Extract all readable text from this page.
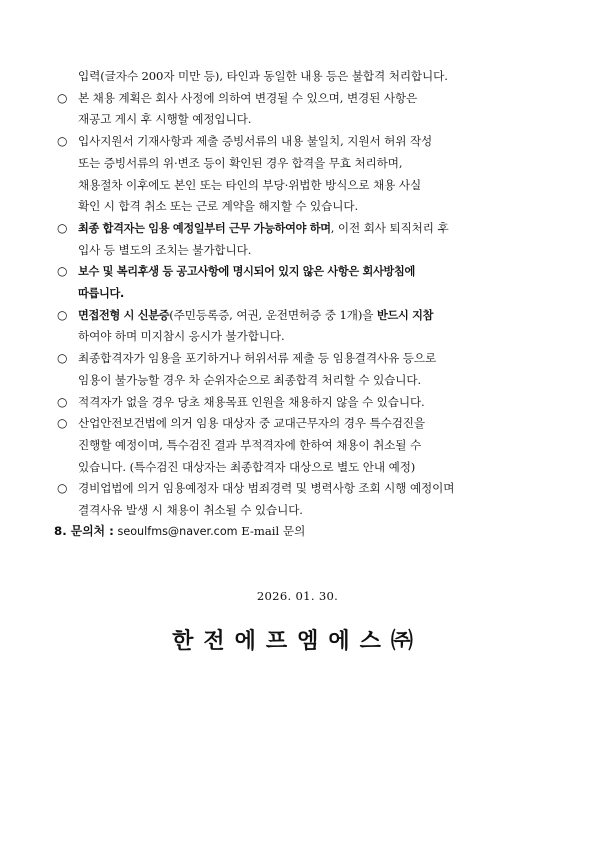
입력(글자수 200자 미만 등), 타인과 동일한 내용 등은 불합격 처리합니다.
○ 본 채용 계획은 회사 사정에 의하여 변경될 수 있으며, 변경된 사항은
재공고 게시 후 시행할 예정입니다.
○ 입사지원서 기재사항과 제출 증빙서류의 내용 불일치, 지원서 허위 작성
또는 증빙서류의 위·변조 등이 확인된 경우 합격을 무효 처리하며,
채용절차 이후에도 본인 또는 타인의 부당·위법한 방식으로 채용 사실
확인 시 합격 취소 또는 근로 계약을 해지할 수 있습니다.
○ 최종 합격자는 임용 예정일부터 근무 가능하여야 하며, 이전 회사 퇴직처리 후
입사 등 별도의 조치는 불가합니다.
○ 보수 및 복리후생 등 공고사항에 명시되어 있지 않은 사항은 회사방침에
따릅니다.
○ 면접전형 시 신분증(주민등록증, 여권, 운전면허증 중 1개)을 반드시 지참
하여야 하며 미지참시 응시가 불가합니다.
○ 최종합격자가 임용을 포기하거나 허위서류 제출 등 임용결격사유 등으로
임용이 불가능할 경우 차 순위자순으로 최종합격 처리할 수 있습니다.
○ 적격자가 없을 경우 당초 채용목표 인원을 채용하지 않을 수 있습니다.
○ 산업안전보건법에 의거 임용 대상자 중 교대근무자의 경우 특수검진을
진행할 예정이며, 특수검진 결과 부적격자에 한하여 채용이 취소될 수
있습니다. (특수검진 대상자는 최종합격자 대상으로 별도 안내 예정)
○ 경비업법에 의거 임용예정자 대상 범죄경력 및 병력사항 조회 시행 예정이며
결격사유 발생 시 채용이 취소될 수 있습니다.
8. 문의처 : seoulfms@naver.com E-mail 문의
2026. 01. 30.
한전에프엠에스㈜
